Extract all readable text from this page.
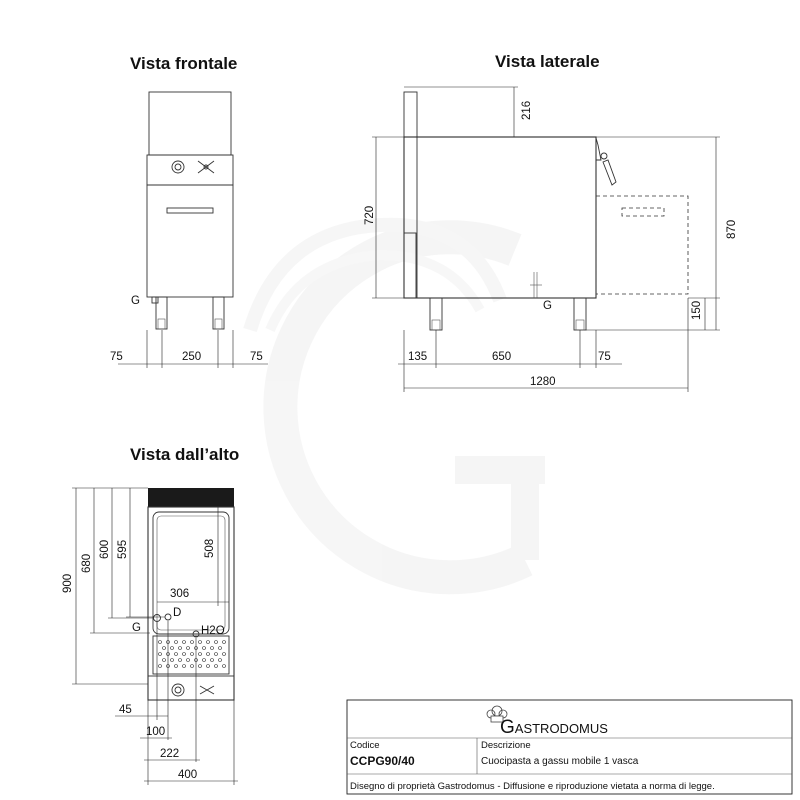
Vista frontale
G
75	250	75
Vista laterale
G
216
720
870
150
135	650	75
1280
Vista dall’alto
D
G	H2O
900
680
600 595	508
306
45
100
222
400
Gastrodomus
Codice
CCPG90/40
Descrizione
Cuocipasta a gassu mobile 1 vasca
Disegno di proprietà Gastrodomus - Diffusione e riproduzione vietata a norma di legge.
